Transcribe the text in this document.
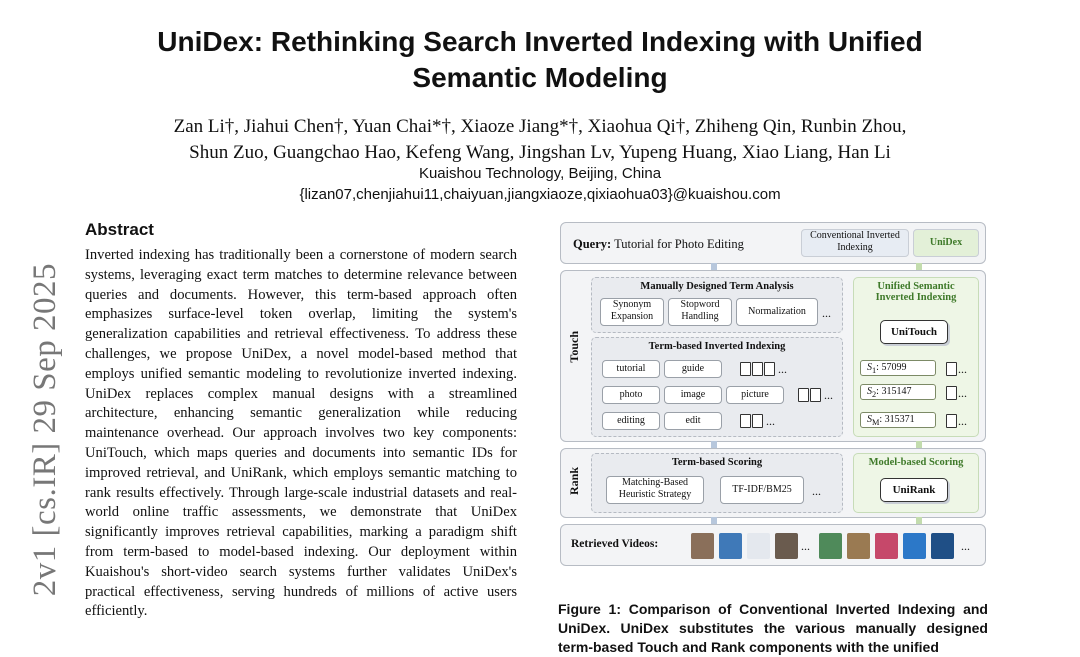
UniDex: Rethinking Search Inverted Indexing with Unified
Semantic Modeling
Zan Li†, Jiahui Chen†, Yuan Chai*†, Xiaoze Jiang*†, Xiaohua Qi†, Zhiheng Qin, Runbin Zhou,
Shun Zuo, Guangchao Hao, Kefeng Wang, Jingshan Lv, Yupeng Huang, Xiao Liang, Han Li
Kuaishou Technology, Beijing, China
{lizan07,chenjiahui11,chaiyuan,jiangxiaoze,qixiaohua03}@kuaishou.com
2v1 [cs.IR] 29 Sep 2025
Abstract

Inverted indexing has traditionally been a cornerstone of modern search systems, leveraging exact term matches to determine relevance between queries and documents. However, this term-based approach often emphasizes surface-level token overlap, limiting the system's generalization capabilities and retrieval effectiveness. To address these challenges, we propose UniDex, a novel model-based method that employs unified semantic modeling to revolutionize inverted indexing. UniDex replaces complex manual designs with a streamlined architecture, enhancing semantic generalization while reducing maintenance overhead. Our approach involves two key components: UniTouch, which maps queries and documents into semantic IDs for improved retrieval, and UniRank, which employs semantic matching to rank results effectively. Through large-scale industrial datasets and real-world online traffic assessments, we demonstrate that UniDex significantly improves retrieval capabilities, marking a paradigm shift from term-based to model-based indexing. Our deployment within Kuaishou's short-video search systems further validates UniDex's practical effectiveness, serving hundreds of millions of active users efficiently.

Query: Tutorial for Photo Editing
Conventional Inverted Indexing	UniDex
Touch
Manually Designed Term Analysis
Synonym Expansion
Stopword Handling	Normalization	...
Term-based Inverted Indexing
tutorial	guide	...
photo	image	picture	...
editing	edit	...
Unified Semantic Inverted Indexing
UniTouch
$S_1$: 57099	...
$S_2$: 315147	...
$S_M$: 315371	...
Rank
Term-based Scoring
Matching-Based Heuristic Strategy	TF-IDF/BM25	...
Model-based Scoring
UniRank
Retrieved Videos:	...	...

Figure 1: Comparison of Conventional Inverted Indexing and UniDex. UniDex substitutes the various manually designed term-based Touch and Rank components with the unified
